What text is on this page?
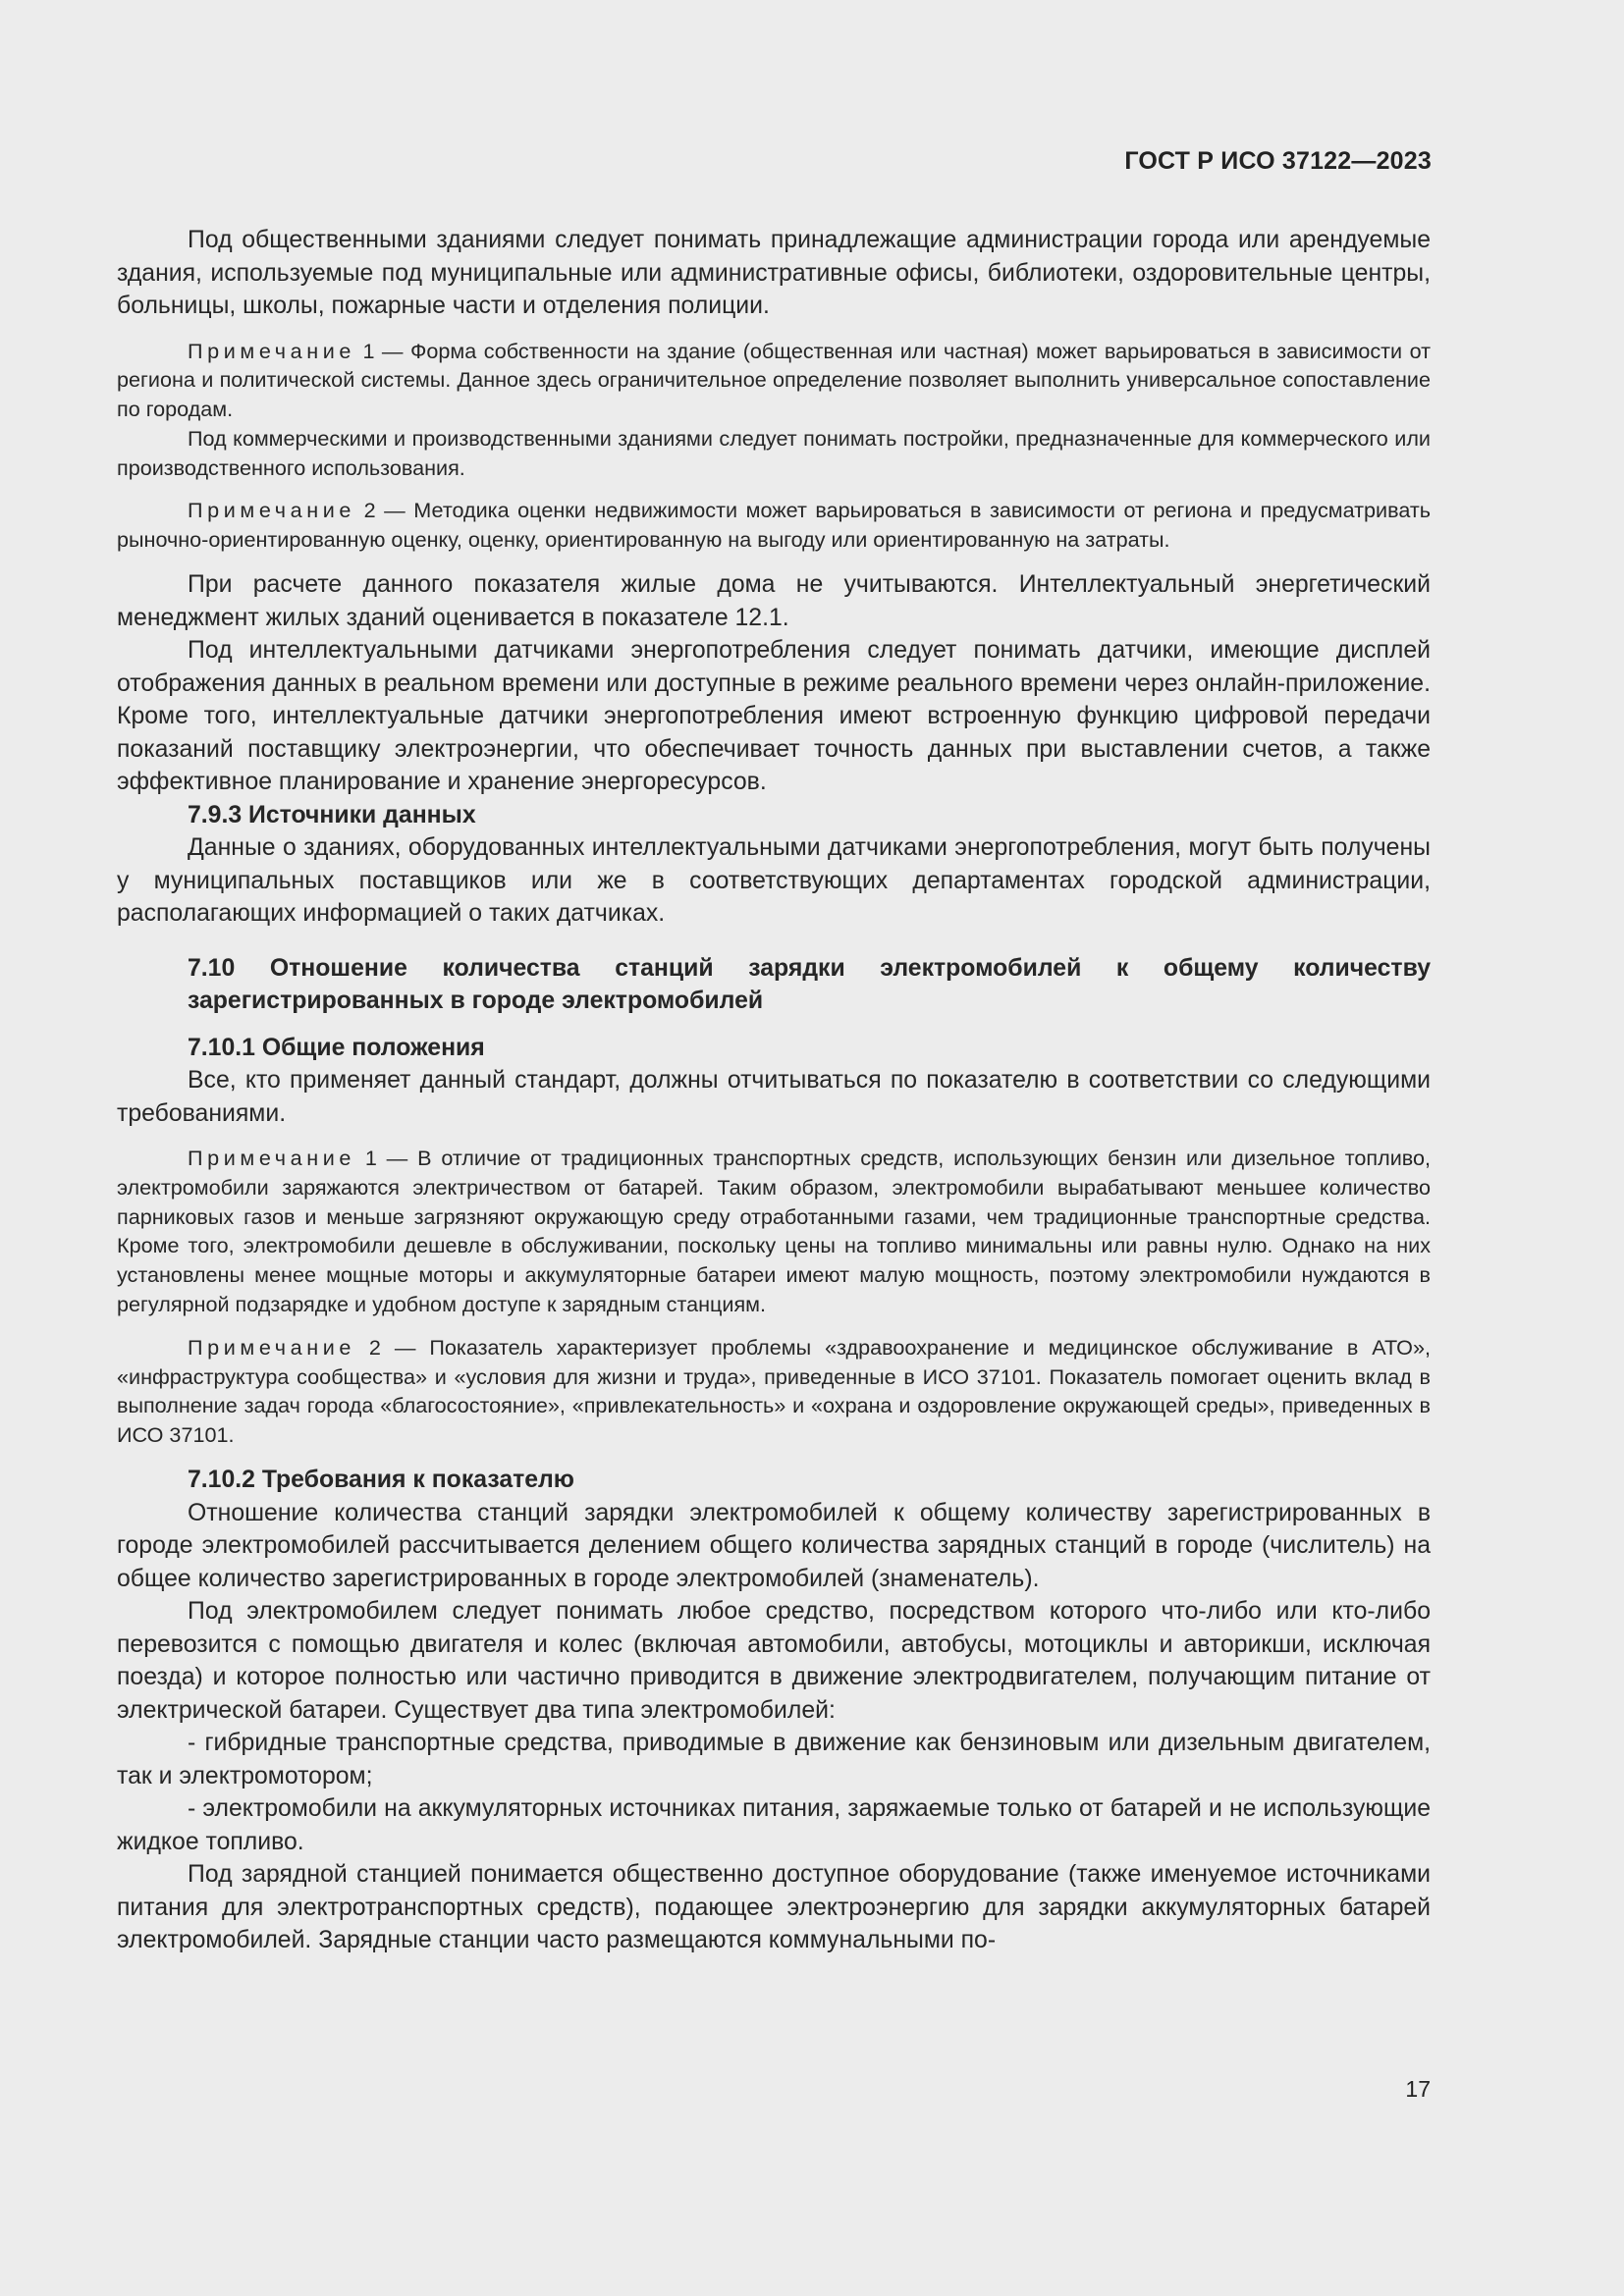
ГОСТ Р ИСО 37122—2023

Под общественными зданиями следует понимать принадлежащие администрации города или арендуемые здания, используемые под муниципальные или административные офисы, библиотеки, оздоровительные центры, больницы, школы, пожарные части и отделения полиции.

Примечание 1 — Форма собственности на здание (общественная или частная) может варьироваться в зависимости от региона и политической системы. Данное здесь ограничительное определение позволяет выполнить универсальное сопоставление по городам.

Под коммерческими и производственными зданиями следует понимать постройки, предназначенные для коммерческого или производственного использования.

Примечание 2 — Методика оценки недвижимости может варьироваться в зависимости от региона и предусматривать рыночно-ориентированную оценку, оценку, ориентированную на выгоду или ориентированную на затраты.

При расчете данного показателя жилые дома не учитываются. Интеллектуальный энергетический менеджмент жилых зданий оценивается в показателе 12.1.

Под интеллектуальными датчиками энергопотребления следует понимать датчики, имеющие дисплей отображения данных в реальном времени или доступные в режиме реального времени через онлайн-приложение. Кроме того, интеллектуальные датчики энергопотребления имеют встроенную функцию цифровой передачи показаний поставщику электроэнергии, что обеспечивает точность данных при выставлении счетов, а также эффективное планирование и хранение энергоресурсов.

7.9.3 Источники данных

Данные о зданиях, оборудованных интеллектуальными датчиками энергопотребления, могут быть получены у муниципальных поставщиков или же в соответствующих департаментах городской администрации, располагающих информацией о таких датчиках.

7.10 Отношение количества станций зарядки электромобилей к общему количеству зарегистрированных в городе электромобилей
7.10.1 Общие положения

Все, кто применяет данный стандарт, должны отчитываться по показателю в соответствии со следующими требованиями.

Примечание 1 — В отличие от традиционных транспортных средств, использующих бензин или дизельное топливо, электромобили заряжаются электричеством от батарей. Таким образом, электромобили вырабатывают меньшее количество парниковых газов и меньше загрязняют окружающую среду отработанными газами, чем традиционные транспортные средства. Кроме того, электромобили дешевле в обслуживании, поскольку цены на топливо минимальны или равны нулю. Однако на них установлены менее мощные моторы и аккумуляторные батареи имеют малую мощность, поэтому электромобили нуждаются в регулярной подзарядке и удобном доступе к зарядным станциям.

Примечание 2 — Показатель характеризует проблемы «здравоохранение и медицинское обслуживание в АТО», «инфраструктура сообщества» и «условия для жизни и труда», приведенные в ИСО 37101. Показатель помогает оценить вклад в выполнение задач города «благосостояние», «привлекательность» и «охрана и оздоровление окружающей среды», приведенных в ИСО 37101.

7.10.2 Требования к показателю

Отношение количества станций зарядки электромобилей к общему количеству зарегистрированных в городе электромобилей рассчитывается делением общего количества зарядных станций в городе (числитель) на общее количество зарегистрированных в городе электромобилей (знаменатель).

Под электромобилем следует понимать любое средство, посредством которого что-либо или кто-либо перевозится с помощью двигателя и колес (включая автомобили, автобусы, мотоциклы и авторикши, исключая поезда) и которое полностью или частично приводится в движение электродвигателем, получающим питание от электрической батареи. Существует два типа электромобилей:

- гибридные транспортные средства, приводимые в движение как бензиновым или дизельным двигателем, так и электромотором;

- электромобили на аккумуляторных источниках питания, заряжаемые только от батарей и не использующие жидкое топливо.

Под зарядной станцией понимается общественно доступное оборудование (также именуемое источниками питания для электротранспортных средств), подающее электроэнергию для зарядки аккумуляторных батарей электромобилей. Зарядные станции часто размещаются коммунальными по-

17
